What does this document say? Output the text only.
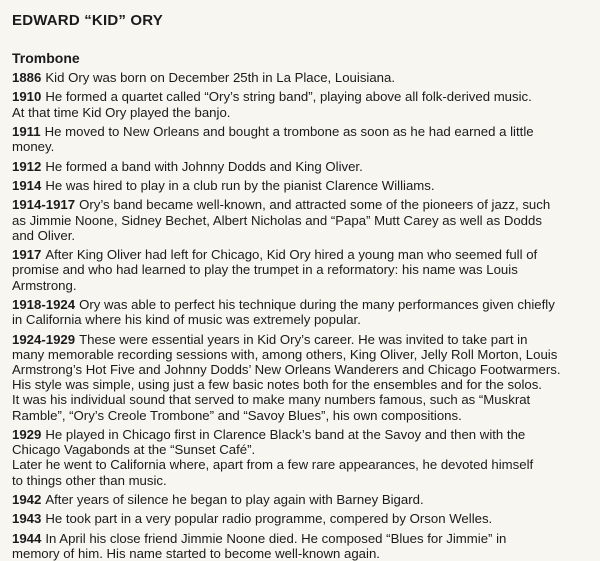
EDWARD “KID” ORY
Trombone
1886 Kid Ory was born on December 25th in La Place, Louisiana.
1910 He formed a quartet called “Ory’s string band”, playing above all folk-derived music.
At that time Kid Ory played the banjo.
1911 He moved to New Orleans and bought a trombone as soon as he had earned a little
money.
1912 He formed a band with Johnny Dodds and King Oliver.
1914 He was hired to play in a club run by the pianist Clarence Williams.
1914-1917 Ory’s band became well-known, and attracted some of the pioneers of jazz, such
as Jimmie Noone, Sidney Bechet, Albert Nicholas and “Papa” Mutt Carey as well as Dodds
and Oliver.
1917 After King Oliver had left for Chicago, Kid Ory hired a young man who seemed full of
promise and who had learned to play the trumpet in a reformatory: his name was Louis
Armstrong.
1918-1924 Ory was able to perfect his technique during the many performances given chiefly
in California where his kind of music was extremely popular.
1924-1929 These were essential years in Kid Ory’s career. He was invited to take part in
many memorable recording sessions with, among others, King Oliver, Jelly Roll Morton, Louis
Armstrong’s Hot Five and Johnny Dodds’ New Orleans Wanderers and Chicago Footwarmers.
His style was simple, using just a few basic notes both for the ensembles and for the solos.
It was his individual sound that served to make many numbers famous, such as “Muskrat
Ramble”, “Ory’s Creole Trombone” and “Savoy Blues”, his own compositions.
1929 He played in Chicago first in Clarence Black’s band at the Savoy and then with the
Chicago Vagabonds at the “Sunset Café”.
Later he went to California where, apart from a few rare appearances, he devoted himself
to things other than music.
1942 After years of silence he began to play again with Barney Bigard.
1943 He took part in a very popular radio programme, compered by Orson Welles.
1944 In April his close friend Jimmie Noone died. He composed “Blues for Jimmie” in
memory of him. His name started to become well-known again.
